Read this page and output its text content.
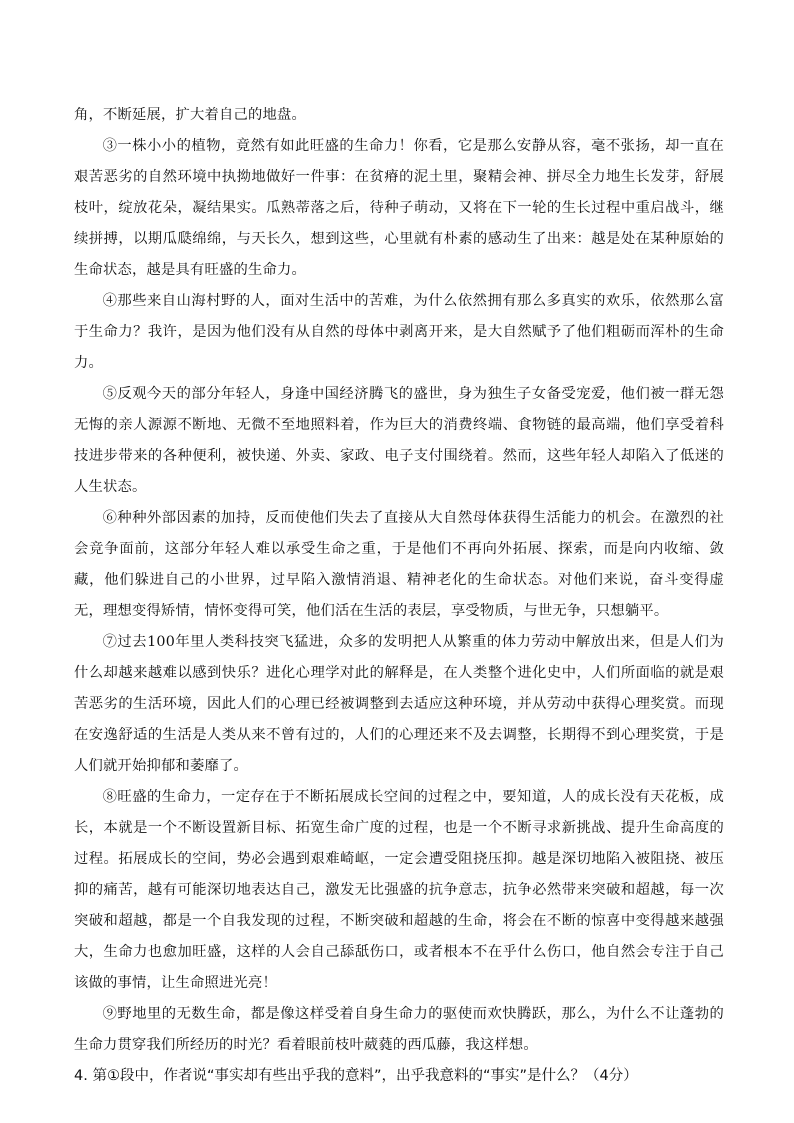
角，不断延展，扩大着自己的地盘。

③一株小小的植物，竟然有如此旺盛的生命力！你看，它是那么安静从容，毫不张扬，却一直在艰苦恶劣的自然环境中执拗地做好一件事：在贫瘠的泥土里，聚精会神、拼尽全力地生长发芽，舒展枝叶，绽放花朵，凝结果实。瓜熟蒂落之后，待种子萌动，又将在下一轮的生长过程中重启战斗，继续拼搏，以期瓜瓞绵绵，与天长久，想到这些，心里就有朴素的感动生了出来：越是处在某种原始的生命状态，越是具有旺盛的生命力。

④那些来自山海村野的人，面对生活中的苦难，为什么依然拥有那么多真实的欢乐，依然那么富于生命力？我许，是因为他们没有从自然的母体中剥离开来，是大自然赋予了他们粗砺而浑朴的生命力。

⑤反观今天的部分年轻人，身逢中国经济腾飞的盛世，身为独生子女备受宠爱，他们被一群无怨无悔的亲人源源不断地、无微不至地照料着，作为巨大的消费终端、食物链的最高端，他们享受着科技进步带来的各种便利，被快递、外卖、家政、电子支付围绕着。然而，这些年轻人却陷入了低迷的人生状态。

⑥种种外部因素的加持，反而使他们失去了直接从大自然母体获得生活能力的机会。在激烈的社会竞争面前，这部分年轻人难以承受生命之重，于是他们不再向外拓展、探索，而是向内收缩、敛藏，他们躲进自己的小世界，过早陷入激情消退、精神老化的生命状态。对他们来说，奋斗变得虚无，理想变得矫情，情怀变得可笑，他们活在生活的表层，享受物质，与世无争，只想躺平。

⑦过去100年里人类科技突飞猛进，众多的发明把人从繁重的体力劳动中解放出来，但是人们为什么却越来越难以感到快乐？进化心理学对此的解释是，在人类整个进化史中，人们所面临的就是艰苦恶劣的生活环境，因此人们的心理已经被调整到去适应这种环境，并从劳动中获得心理奖赏。而现在安逸舒适的生活是人类从来不曾有过的，人们的心理还来不及去调整，长期得不到心理奖赏，于是人们就开始抑郁和萎靡了。

⑧旺盛的生命力，一定存在于不断拓展成长空间的过程之中，要知道，人的成长没有天花板，成长，本就是一个不断设置新目标、拓宽生命广度的过程，也是一个不断寻求新挑战、提升生命高度的过程。拓展成长的空间，势必会遇到艰难崎岖，一定会遭受阻挠压抑。越是深切地陷入被阻挠、被压抑的痛苦，越有可能深切地表达自己，激发无比强盛的抗争意志，抗争必然带来突破和超越，每一次突破和超越，都是一个自我发现的过程，不断突破和超越的生命，将会在不断的惊喜中变得越来越强大，生命力也愈加旺盛，这样的人会自己舔舐伤口，或者根本不在乎什么伤口，他自然会专注于自己该做的事情，让生命照进光亮！

⑨野地里的无数生命，都是像这样受着自身生命力的驱使而欢快腾跃，那么，为什么不让蓬勃的生命力贯穿我们所经历的时光？看着眼前枝叶葳蕤的西瓜藤，我这样想。

4. 第①段中，作者说“事实却有些出乎我的意料”，出乎我意料的“事实”是什么？（4分）
